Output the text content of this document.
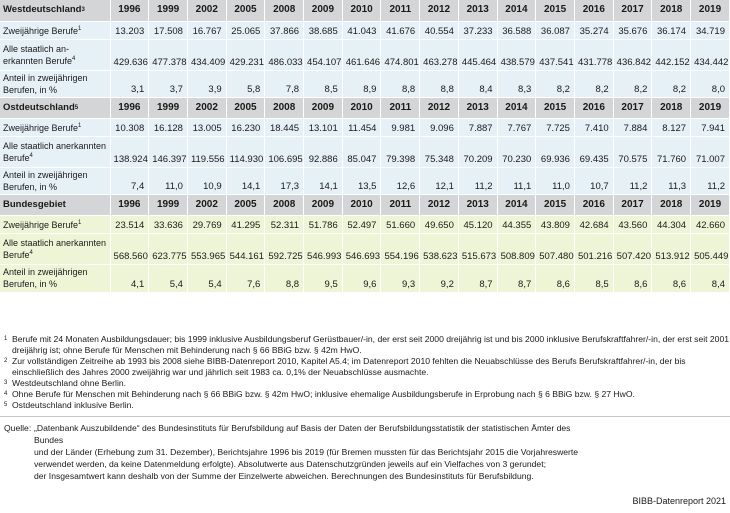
Westdeutschland$^3$	1996	1999	2002	2005	2008	2009	2010	2011	2012	2013	2014	2015	2016	2017	2018	2019
Zweijährige Berufe$^1$	13.203	17.508	16.767	25.065	37.866	38.685	41.043	41.676	40.554	37.233	36.588	36.087	35.274	35.676	36.174	34.719
Alle staatlich an-erkannten Berufe$^4$	429.636	477.378	434.409	429.231	486.033	454.107	461.646	474.801	463.278	445.464	438.579	437.541	431.778	436.842	442.152	434.442
Anteil in zweijährigen Berufen, in %	3,1	3,7	3,9	5,8	7,8	8,5	8,9	8,8	8,8	8,4	8,3	8,2	8,2	8,2	8,2	8,0
Ostdeutschland$^5$	1996	1999	2002	2005	2008	2009	2010	2011	2012	2013	2014	2015	2016	2017	2018	2019
Zweijährige Berufe$^1$	10.308	16.128	13.005	16.230	18.445	13.101	11.454	9.981	9.096	7.887	7.767	7.725	7.410	7.884	8.127	7.941
Alle staatlich anerkannten Berufe$^4$	138.924	146.397	119.556	114.930	106.695	92.886	85.047	79.398	75.348	70.209	70.230	69.936	69.435	70.575	71.760	71.007
Anteil in zweijährigen Berufen, in %	7,4	11,0	10,9	14,1	17,3	14,1	13,5	12,6	12,1	11,2	11,1	11,0	10,7	11,2	11,3	11,2
Bundesgebiet	1996	1999	2002	2005	2008	2009	2010	2011	2012	2013	2014	2015	2016	2017	2018	2019
Zweijährige Berufe$^1$	23.514	33.636	29.769	41.295	52.311	51.786	52.497	51.660	49.650	45.120	44.355	43.809	42.684	43.560	44.304	42.660
Alle staatlich anerkannten Berufe$^4$	568.560	623.775	553.965	544.161	592.725	546.993	546.693	554.196	538.623	515.673	508.809	507.480	501.216	507.420	513.912	505.449
Anteil in zweijährigen Berufen, in %	4,1	5,4	5,4	7,6	8,8	9,5	9,6	9,3	9,2	8,7	8,7	8,6	8,5	8,6	8,6	8,4
1 Berufe mit 24 Monaten Ausbildungsdauer; bis 1999 inklusive Ausbildungsberuf Gerüstbauer/-in, der erst seit 2000 dreijährig ist und bis 2000 inklusive Berufskraftfahrer/-in, der erst seit 2001 dreijährig ist; ohne Berufe für Menschen mit Behinderung nach § 66 BBiG bzw. § 42m HwO.
2 Zur vollständigen Zeitreihe ab 1993 bis 2008 siehe BIBB-Datenreport 2010, Kapitel A5.4; im Datenreport 2010 fehlten die Neuabschlüsse des Berufs Berufskraftfahrer/-in, der bis einschließlich des Jahres 2000 zweijährig war und jährlich seit 1983 ca. 0,1% der Neuabschlüsse ausmachte.
3 Westdeutschland ohne Berlin.
4 Ohne Berufe für Menschen mit Behinderung nach § 66 BBiG bzw. § 42m HwO; inklusive ehemalige Ausbildungsberufe in Erprobung nach § 6 BBiG bzw. § 27 HwO.
5 Ostdeutschland inklusive Berlin.
Quelle: „Datenbank Auszubildende“ des Bundesinstituts für Berufsbildung auf Basis der Daten der Berufsbildungsstatistik der statistischen Ämter des Bundes
und der Länder (Erhebung zum 31. Dezember), Berichtsjahre 1996 bis 2019 (für Bremen mussten für das Berichtsjahr 2015 die Vorjahreswerte
verwendet werden, da keine Datenmeldung erfolgte). Absolutwerte aus Datenschutzgründen jeweils auf ein Vielfaches von 3 gerundet;
der Insgesamtwert kann deshalb von der Summe der Einzelwerte abweichen. Berechnungen des Bundesinstituts für Berufsbildung.
BIBB-Datenreport 2021
